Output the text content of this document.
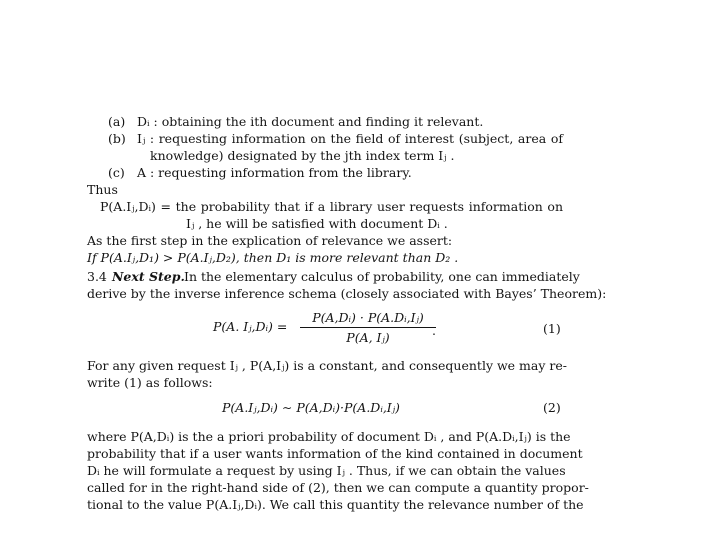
(a) Dᵢ : obtaining the ith document and finding it relevant.
(b) Iⱼ : requesting information on the field of interest (subject, area of
knowledge) designated by the jth index term Iⱼ .
(c) A : requesting information from the library.
Thus
P(A.Iⱼ,Dᵢ) = the probability that if a library user requests information on
Iⱼ , he will be satisfied with document Dᵢ .
As the first step in the explication of relevance we assert:
If P(A.Iⱼ,D₁) > P(A.Iⱼ,D₂), then D₁ is more relevant than D₂ .
3.4 Next Step. In the elementary calculus of probability, one can immediately
derive by the inverse inference schema (closely associated with Bayes’ Theorem):
P(A. Iⱼ,Dᵢ) =
P(A,Dᵢ) · P(A.Dᵢ,Iⱼ)
P(A, Iⱼ)	.	(1)
For any given request Iⱼ , P(A,Iⱼ) is a constant, and consequently we may re-
write (1) as follows:
P(A.Iⱼ,Dᵢ) ∼ P(A,Dᵢ)·P(A.Dᵢ,Iⱼ)	(2)
where P(A,Dᵢ) is the a priori probability of document Dᵢ , and P(A.Dᵢ,Iⱼ) is the
probability that if a user wants information of the kind contained in document
Dᵢ he will formulate a request by using Iⱼ . Thus, if we can obtain the values
called for in the right-hand side of (2), then we can compute a quantity propor-
tional to the value P(A.Iⱼ,Dᵢ). We call this quantity the relevance number of the
